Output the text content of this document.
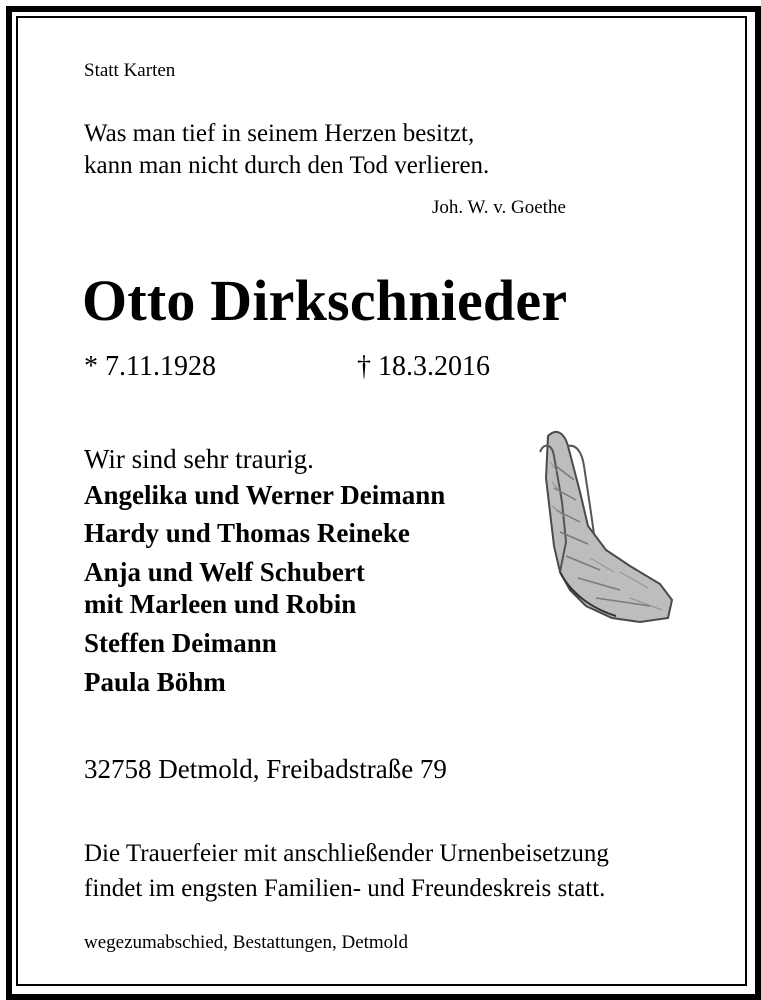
Statt Karten

Was man tief in seinem Herzen besitzt,

kann man nicht durch den Tod verlieren.

Joh. W. v. Goethe

Otto Dirkschnieder

* 7.11.1928	† 18.3.2016

Wir sind sehr traurig.

Angelika und Werner Deimann

Hardy und Thomas Reineke

Anja und Welf Schubert

mit Marleen und Robin

Steffen Deimann

Paula Böhm

32758 Detmold, Freibadstraße 79

Die Trauerfeier mit anschließender Urnenbeisetzung

findet im engsten Familien- und Freundeskreis statt.

wegezumabschied, Bestattungen, Detmold
